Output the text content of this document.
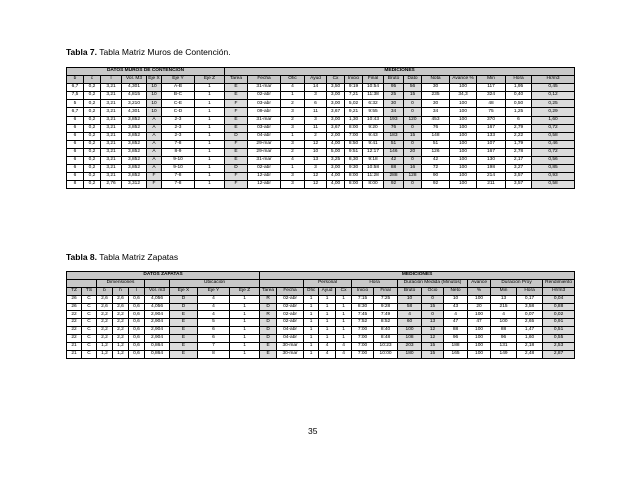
Tabla 7. Tabla Matriz Muros de Contención.
DATOS MUROS DE CONTENCION							MEDICIONES													
b	c	l	Vol. M3	Eje X	Eje Y	Eje Z	Tarea	Fecha	Ofic	Ayud	Cx	Inicio	Final	Bruto	Dato	Nota	Avance %	Min	Hora	Hr/m3
6,7	0,2	3,21	4,301	10	A-B	1	E	31-mar	4	14	3,50	9:19	10:54	95	56	30	100	117	1,95	0,45
7,5	0,2	3,21	4,815	10	B-C	1	E	02-abr	1	3	3,00	7,21	11:38	25	15	235	34,3	324	0,40	0,12
5	0,2	3,21	3,210	10	C-E	1	F	03-abr	2	6	3,00	5,02	6:32	30	0	30	100	48	0,50	0,25
6,7	0,2	3,21	4,301	10	C-D	1	F	09-abr	3	11	3,67	9,21	9:55	34	0	34	100	75	1,25	0,29
6	0,2	3,21	3,852	A	2-3	1	E	31-mar	2	3	3,00	1,30	10:43	193	120	453	100	370	6	1,60
6	0,2	3,21	3,852	A	2-3	1	E	03-abr	3	11	3,67	8:00	9:20	76	0	76	100	167	2,79	0,72
6	0,2	3,21	3,852	A	2-3	1	D	04-abr	1	2	2,00	7:00	9:43	183	15	148	100	133	2,22	0,58
6	0,2	3,21	3,852	A	7-8	1	F	29-mar	3	12	4,00	8:50	9:41	51	0	51	100	107	1,79	0,46
6	0,2	3,21	3,852	A	8-9	1	E	29-mar	2	10	5,00	9:51	12:17	146	20	126	100	167	2,78	0,72
6	0,2	3,21	3,852	A	9-10	1	E	31-mar	4	13	3,25	8,30	9:18	42	0	42	100	130	2,17	0,56
6	0,2	3,21	3,852	A	9-10	1	D	02-abr	1	3	3,00	9:30	10:58	88	16	72	100	198	3,27	0,85
6	0,2	3,21	3,852	F	7-8	1	F	12-abr	3	12	4,00	8:00	11:28	288	128	90	100	214	3,57	0,93
8	0,2	2,76	3,312	F	7-8	1	F	12-abr	3	12	4,00	8:00	8:00	92	0	92	100	211	3,57	0,58
Tabla 8. Tabla Matriz Zapatas
DATOS ZAPATAS									MEDICIONES													
		Dimensiones				Ubicación					Personal			Hora		Duración Medida (Minutos)			Avance	Duración Proy		Rendimiento
TZ	TS	b	h	l	Vol. m3	Eje X	Eje Y	Eje Z	Tarea	Fecha	Ofic	Ayud	Cx	Inicio	Final	Bruto	Ocio	Neto	%	Min	Hora	Hr/m3
26	C	2,6	2,6	0,6	4,056	D	4	1	R	02-abr	1	1	1	7:15	7:25	10	0	10	100	13	0,17	0,04
26	C	2,6	2,6	0,6	4,056	D	4	1	D	02-abr	1	1	1	8:30	9:28	58	15	43	20	215	3,58	0,88
22	C	2,2	2,2	0,6	2,904	E	4	1	R	02-abr	1	1	1	7:45	7:49	4	0	4	100	4	0,07	0,02
22	C	2,2	2,2	0,6	2,904	E	5	1	D	02-abr	1	1	1	7:52	8:52	60	13	47	47	100	2,65	0,91
22	C	2,2	2,2	0,6	2,904	E	6	1	D	04-abr	1	1	1	7:00	8:40	100	12	88	100	88	1,47	0,51
22	C	2,2	2,2	0,6	2,904	E	6	1	D	04-abr	1	1	1	7:00	8:48	108	12	96	100	96	1,60	0,55
21	C	1,2	1,2	0,6	0,864	E	7	1	E	30-mar	1	4	4	7:00	10:23	203	15	188	100	131	2,18	2,53
21	C	1,2	1,2	0,6	0,864	E	8	1	E	30-mar	1	4	4	7:00	10:00	180	15	165	100	149	2,48	2,87
35
